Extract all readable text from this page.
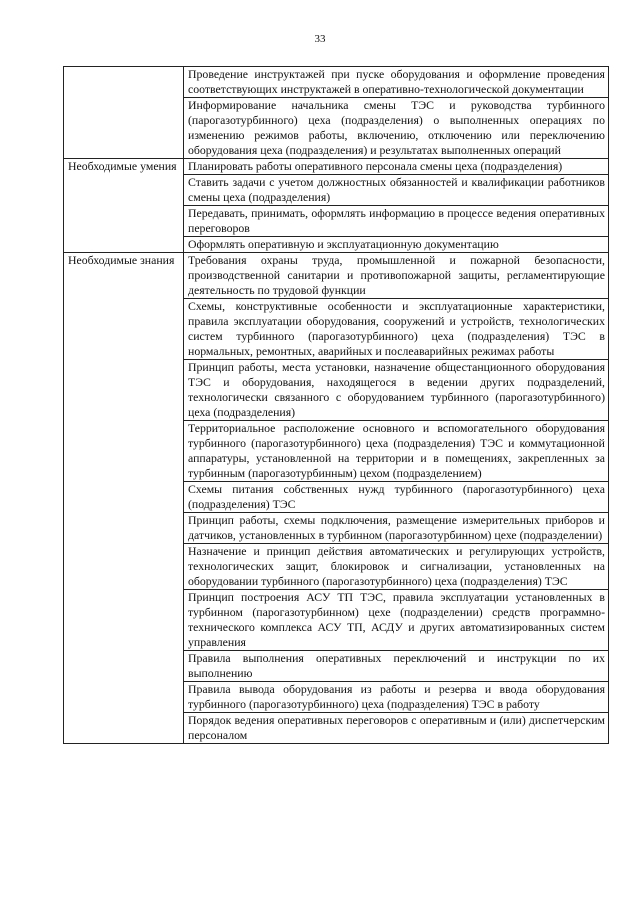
33
	Проведение инструктажей при пуске оборудования и оформление проведения соответствующих инструктажей в оперативно-технологической документации
	Информирование начальника смены ТЭС и руководства турбинного (парогазотурбинного) цеха (подразделения) о выполненных операциях по изменению режимов работы, включению, отключению или переключению оборудования цеха (подразделения) и результатах выполненных операций
Необходимые умения	Планировать работы оперативного персонала смены цеха (подразделения)
	Ставить задачи с учетом должностных обязанностей и квалификации работников смены цеха (подразделения)
	Передавать, принимать, оформлять информацию в процессе ведения оперативных переговоров
	Оформлять оперативную и эксплуатационную документацию
Необходимые знания	Требования охраны труда, промышленной и пожарной безопасности, производственной санитарии и противопожарной защиты, регламентирующие деятельность по трудовой функции
	Схемы, конструктивные особенности и эксплуатационные характеристики, правила эксплуатации оборудования, сооружений и устройств, технологических систем турбинного (парогазотурбинного) цеха (подразделения) ТЭС в нормальных, ремонтных, аварийных и послеаварийных режимах работы
	Принцип работы, места установки, назначение общестанционного оборудования ТЭС и оборудования, находящегося в ведении других подразделений, технологически связанного с оборудованием турбинного (парогазотурбинного) цеха (подразделения)
	Территориальное расположение основного и вспомогательного оборудования турбинного (парогазотурбинного) цеха (подразделения) ТЭС и коммутационной аппаратуры, установленной на территории и в помещениях, закрепленных за турбинным (парогазотурбинным) цехом (подразделением)
	Схемы питания собственных нужд турбинного (парогазотурбинного) цеха (подразделения) ТЭС
	Принцип работы, схемы подключения, размещение измерительных приборов и датчиков, установленных в турбинном (парогазотурбинном) цехе (подразделении)
	Назначение и принцип действия автоматических и регулирующих устройств, технологических защит, блокировок и сигнализации, установленных на оборудовании турбинного (парогазотурбинного) цеха (подразделения) ТЭС
	Принцип построения АСУ ТП ТЭС, правила эксплуатации установленных в турбинном (парогазотурбинном) цехе (подразделении) средств программно-технического комплекса АСУ ТП, АСДУ и других автоматизированных систем управления
	Правила выполнения оперативных переключений и инструкции по их выполнению
	Правила вывода оборудования из работы и резерва и ввода оборудования турбинного (парогазотурбинного) цеха (подразделения) ТЭС в работу
	Порядок ведения оперативных переговоров с оперативным и (или) диспетчерским персоналом
